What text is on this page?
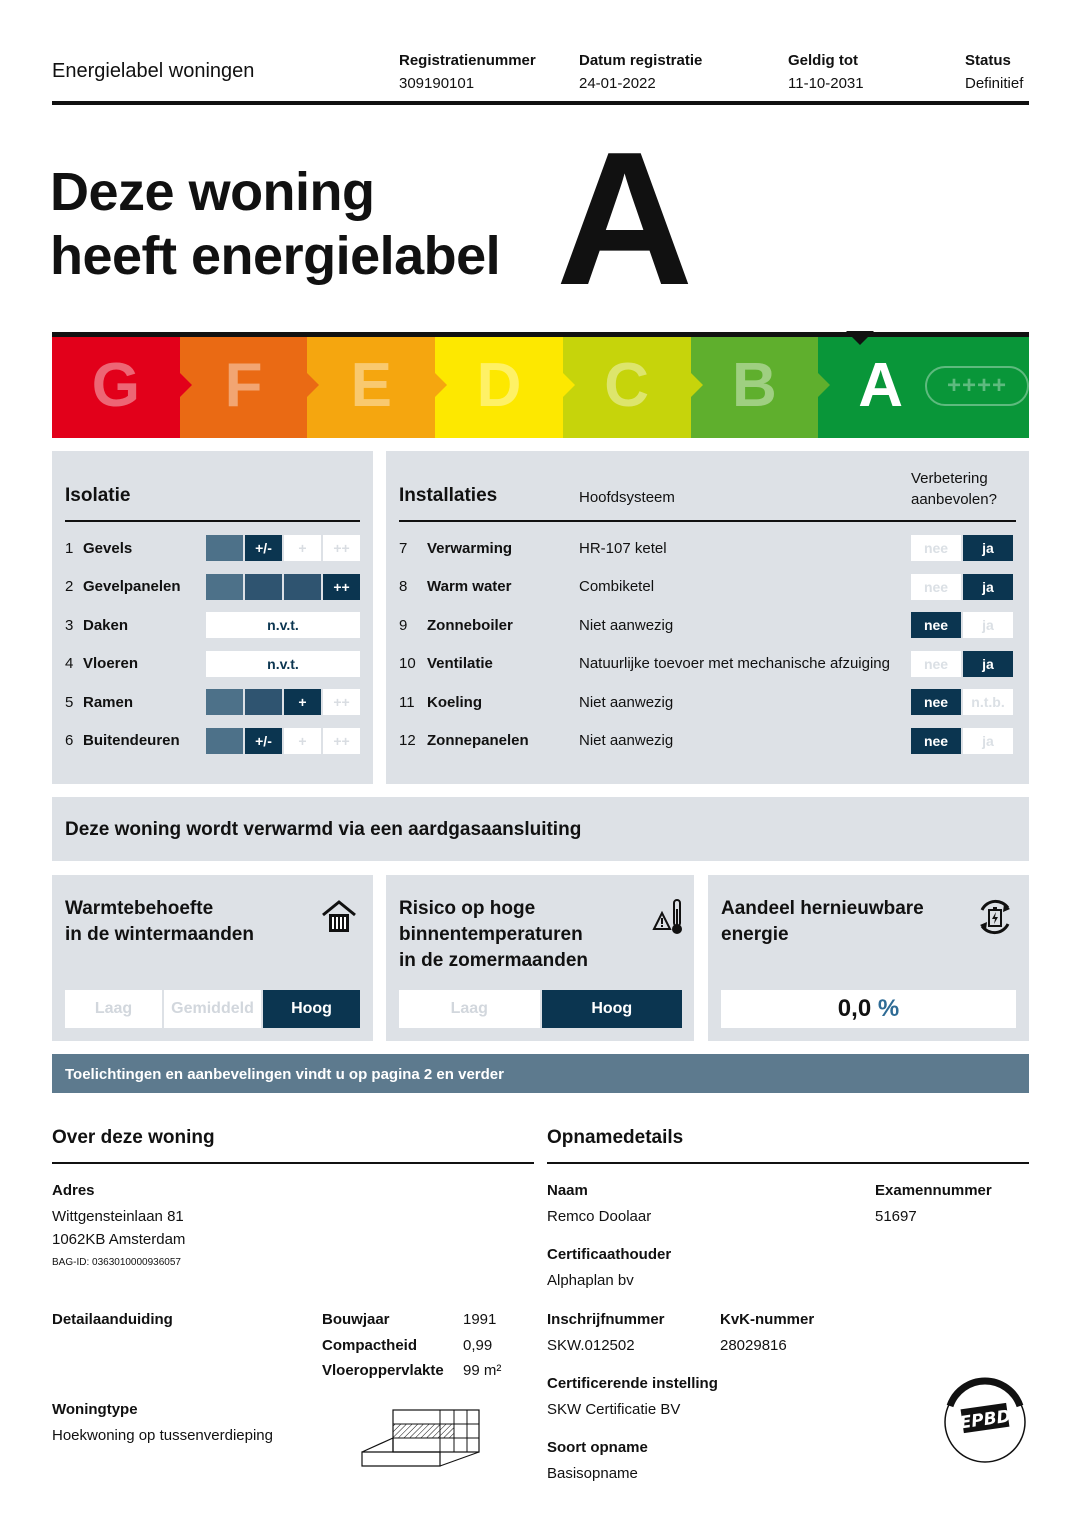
Energielabel woningen	Registratienummer
309190101
Datum registratie
24-01-2022
Geldig tot
11-10-2031
Status
Definitief
Deze woning
heeft energielabel A
G F E D C B A	++++
Isolatie
1 Gevels	+/-	+	++
2 Gevelpanelen	++
3 Daken	n.v.t.
4 Vloeren	n.v.t.
5 Ramen	+	++
6 Buitendeuren	+/-	+	++
Installaties	Hoofdsysteem
Verbetering
aanbevolen?
7	Verwarming	HR-107 ketel	nee	ja
8	Warm water	Combiketel	nee	ja
9	Zonneboiler	Niet aanwezig	nee	ja
10 Ventilatie	Natuurlijke toevoer met mechanische afzuiging	nee	ja
11 Koeling	Niet aanwezig	nee	n.t.b.
12 Zonnepanelen	Niet aanwezig	nee	ja
Deze woning wordt verwarmd via een aardgasaansluiting
Warmtebehoefte
in de wintermaanden
Laag	Gemiddeld	Hoog
Risico op hoge
binnentemperaturen
in de zomermaanden
Laag	Hoog
Aandeel hernieuwbare
energie
0,0
%
Toelichtingen en aanbevelingen vindt u op pagina 2 en verder
Over deze woning
Adres
Wittgensteinlaan 81
1062KB Amsterdam
BAG-ID: 0363010000936057
Detailaanduiding	Bouwjaar	1991
Compactheid	0,99
Vloeroppervlakte 99 m²
Woningtype
Hoekwoning op tussenverdieping
Opnamedetails
Naam
Remco Doolaar
Examennummer
51697
Certificaathouder
Alphaplan bv
Inschrijfnummer
SKW.012502
KvK-nummer
28029816
Certificerende instelling
SKW Certificatie BV
Soort opname
Basisopname
EPBD
NL
